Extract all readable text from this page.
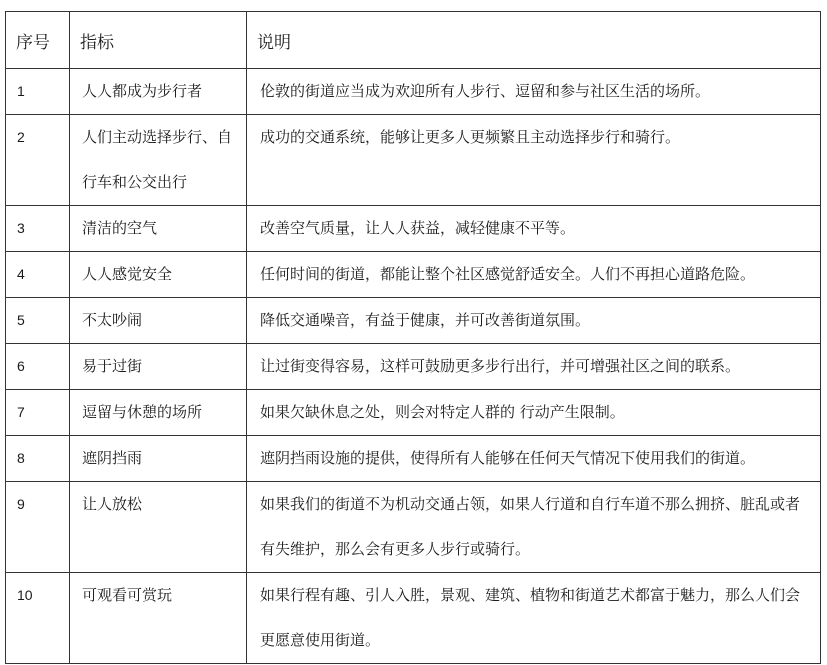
序号	指标	说明
1	人人都成为步行者	伦敦的街道应当成为欢迎所有人步行、逗留和参与社区生活的场所。

2	人们主动选择步行、自行车和公交出行	成功的交通系统，能够让更多人更频繁且主动选择步行和骑行。

3	清洁的空气	改善空气质量，让人人获益，减轻健康不平等。

4	人人感觉安全	任何时间的街道，都能让整个社区感觉舒适安全。人们不再担心道路危险。

5	不太吵闹	降低交通噪音，有益于健康，并可改善街道氛围。

6	易于过街	让过街变得容易，这样可鼓励更多步行出行，并可增强社区之间的联系。

7	逗留与休憩的场所	如果欠缺休息之处，则会对特定人群的 行动产生限制。

8	遮阴挡雨	遮阴挡雨设施的提供，使得所有人能够在任何天气情况下使用我们的街道。

9	让人放松	如果我们的街道不为机动交通占领，如果人行道和自行车道不那么拥挤、脏乱或者有失维护，那么会有更多人步行或骑行。

10	可观看可赏玩	如果行程有趣、引人入胜，景观、建筑、植物和街道艺术都富于魅力，那么人们会更愿意使用街道。
